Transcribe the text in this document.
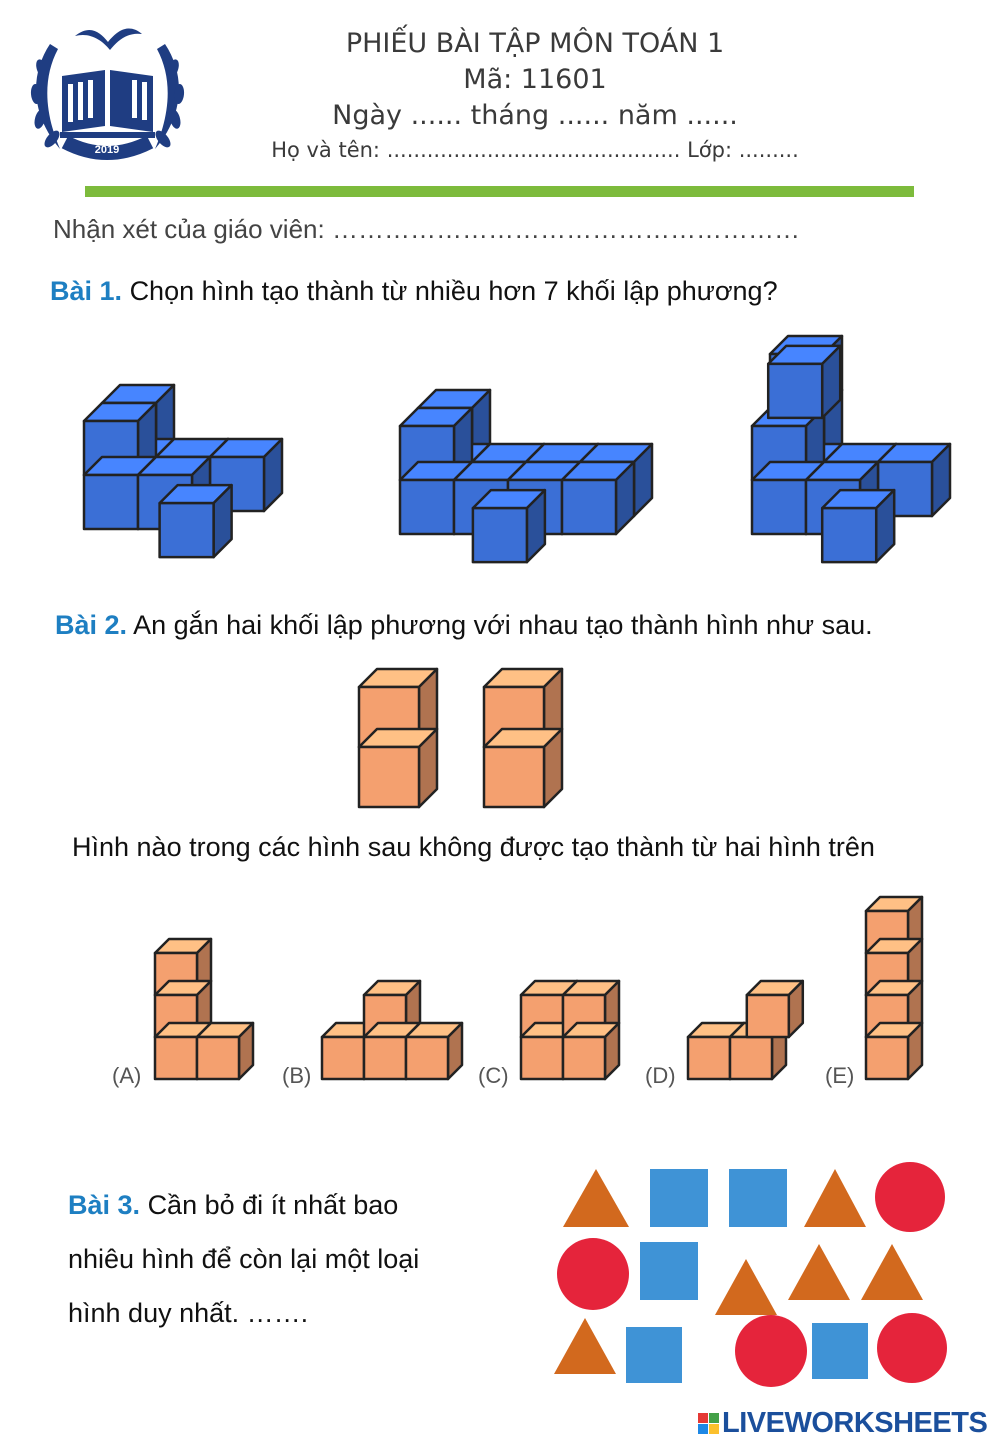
2019
PHIẾU BÀI TẬP MÔN TOÁN 1
Mã: 11601
Ngày ...... tháng ...... năm ......
Họ và tên: ............................................ Lớp: .........
Nhận xét của giáo viên: ………………………………………………
Bài 1. Chọn hình tạo thành từ nhiều hơn 7 khối lập phương?
Bài 2. An gắn hai khối lập phương với nhau tạo thành hình như sau.
Hình nào trong các hình sau không được tạo thành từ hai hình trên
(A)	(B)	(C)	(D)	(E)
Bài 3. Cần bỏ đi ít nhất bao
nhiêu hình để còn lại một loại
hình duy nhất. …….
LIVEWORKSHEETS
